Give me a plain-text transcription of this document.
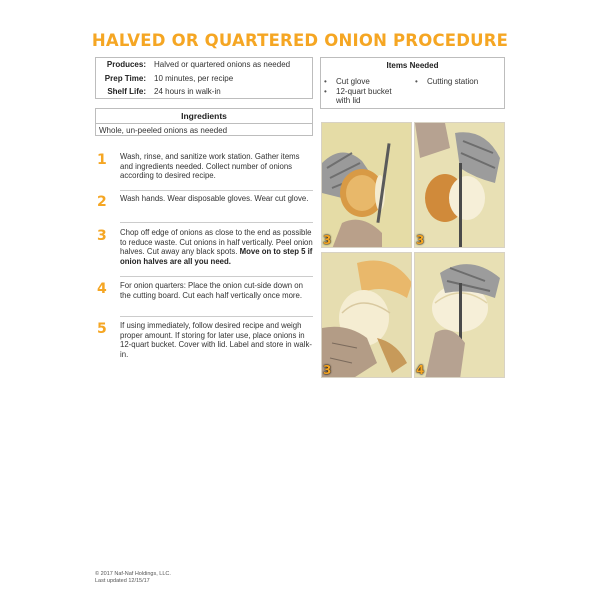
HALVED OR QUARTERED ONION PROCEDURE
Produces:	Halved or quartered onions as needed
Prep Time:	10 minutes, per recipe
Shelf Life:	24 hours in walk-in
Items Needed
•	Cut glove
•	12-quart bucket with lid
•	Cutting station
Ingredients
Whole, un-peeled onions as needed
1	Wash, rinse, and sanitize work station. Gather items and ingredients needed. Collect number of onions according to desired recipe.
2	Wash hands. Wear disposable gloves. Wear cut glove.
3	Chop off edge of onions as close to the end as possible to reduce waste. Cut onions in half vertically. Peel onion halves. Cut away any black spots. Move on to step 5 if onion halves are all you need.
4	For onion quarters: Place the onion cut-side down on the cutting board. Cut each half vertically once more.
5	If using immediately, follow desired recipe and weigh proper amount. If storing for later use, place onions in 12-quart bucket. Cover with lid. Label and store in walk-in.
3	3
3	4
© 2017 Naf-Naf Holdings, LLC.
Last updated 12/15/17
